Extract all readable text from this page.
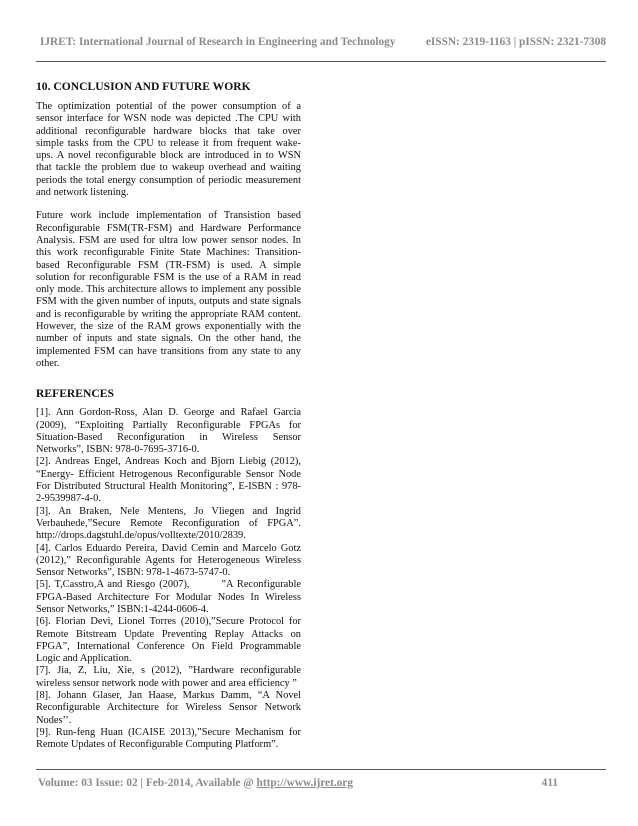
IJRET: International Journal of Research in Engineering and Technology	eISSN: 2319-1163 | pISSN: 2321-7308
10. CONCLUSION AND FUTURE WORK

The optimization potential of the power consumption of a sensor interface for WSN node was depicted .The CPU with additional reconfigurable hardware blocks that take over simple tasks from the CPU to release it from frequent wake-ups. A novel reconfigurable block are introduced in to WSN that tackle the problem due to wakeup overhead and waiting periods the total energy consumption of periodic measurement and network listening.

Future work include implementation of Transistion based Reconfigurable FSM(TR-FSM) and Hardware Performance Analysis. FSM are used for ultra low power sensor nodes. In this work reconfigurable Finite State Machines: Transition-based Reconfigurable FSM (TR-FSM) is used. A simple solution for reconfigurable FSM is the use of a RAM in read only mode. This architecture allows to implement any possible FSM with the given number of inputs, outputs and state signals and is reconfigurable by writing the appropriate RAM content. However, the size of the RAM grows exponentially with the number of inputs and state signals. On the other hand, the implemented FSM can have transitions from any state to any other.

REFERENCES
[1]. Ann Gordon-Ross, Alan D. George and Rafael Garcia (2009), “Exploiting Partially Reconfigurable FPGAs for Situation-Based Reconfiguration in Wireless Sensor Networks”, ISBN: 978-0-7695-3716-0.
[2]. Andreas Engel, Andreas Koch and Bjorn Liebig (2012), “Energy- Efficient Hetrogenous Reconfigurable Sensor Node For Distributed Structural Health Monitoring”, E-ISBN : 978-2-9539987-4-0.
[3]. An Braken, Nele Mentens, Jo Vliegen and Ingrid Verbauhede,”Secure Remote Reconfiguration of FPGA”. http://drops.dagstuhl.de/opus/volltexte/2010/2839.
[4]. Carlos Eduardo Pereira, David Cemin and Marcelo Gotz (2012),” Reconfigurable Agents for Heterogeneous Wireless Sensor Networks”, ISBN: 978-1-4673-5747-0.
[5]. T,Casstro,A and Riesgo (2007),        ”A Reconfigurable FPGA-Based Architecture For Modular Nodes In Wireless Sensor Networks,” ISBN:1-4244-0606-4.
[6]. Florian Devi, Lionel Torres (2010),”Secure Protocol for Remote Bitstream Update Preventing Replay Attacks on FPGA”, International Conference On Field Programmable Logic and Application.
[7]. Jia, Z, Liu, Xie, s (2012), ”Hardware reconfigurable wireless sensor network node with power and area efficiency ”
[8]. Johann Glaser, Jan Haase, Markus Damm, “A Novel Reconfigurable Architecture for Wireless Sensor Network Nodes’’.
[9]. Run-feng Huan (ICAISE 2013),”Secure Mechanism for Remote Updates of Reconfigurable Computing Platform”.
Volume: 03 Issue: 02 | Feb-2014, Available @ http://www.ijret.org	411
